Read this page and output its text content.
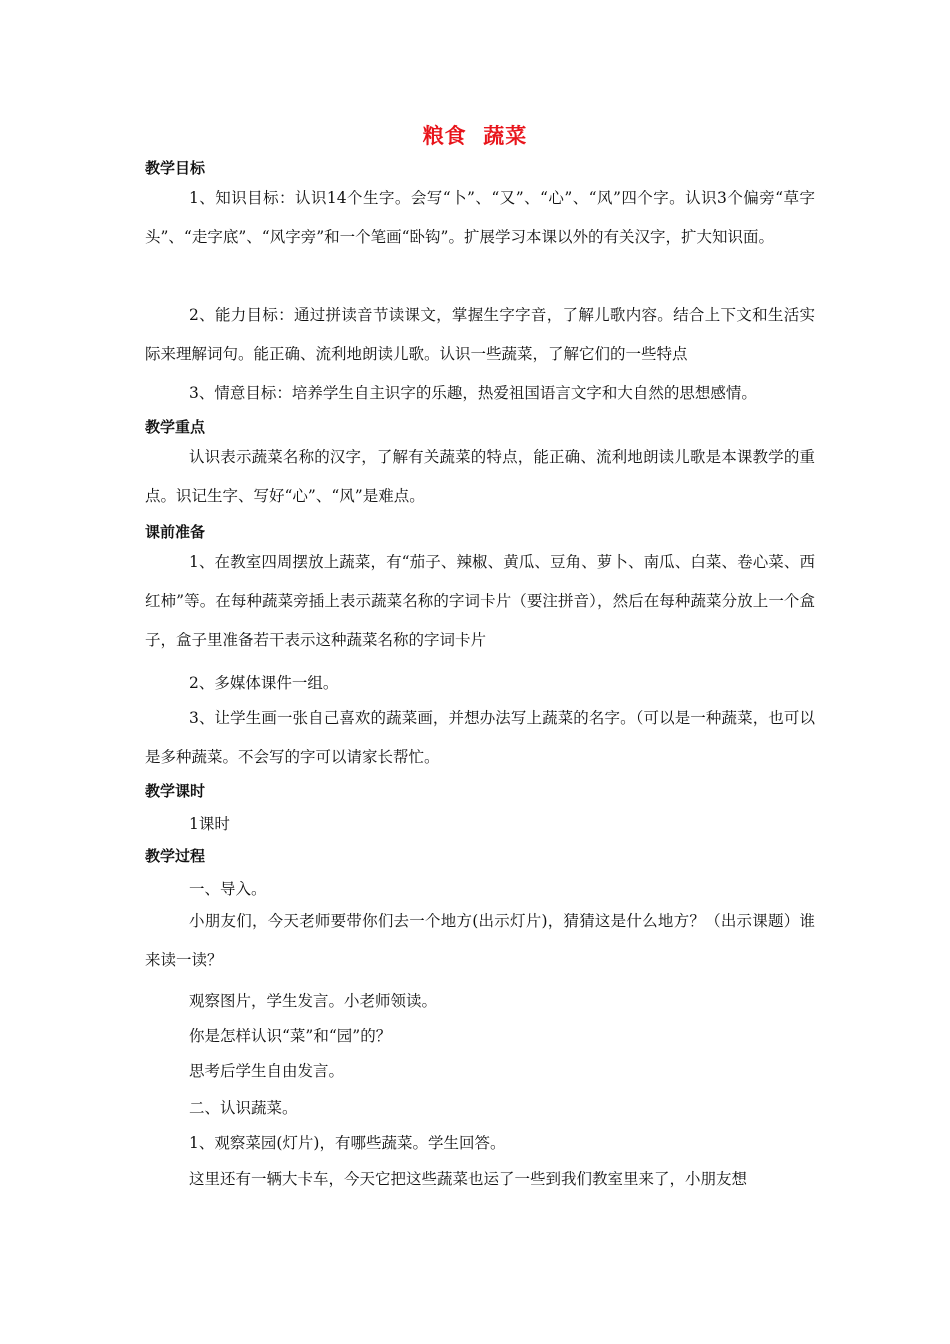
粮食  蔬菜
教学目标
1、知识目标：认识14个生字。会写“卜”、“又”、“心”、“风”四个字。认识3个偏旁“草字头”、“走字底”、“风字旁”和一个笔画“卧钩”。扩展学习本课以外的有关汉字，扩大知识面。
2、能力目标：通过拼读音节读课文，掌握生字字音，了解儿歌内容。结合上下文和生活实际来理解词句。能正确、流利地朗读儿歌。认识一些蔬菜，了解它们的一些特点
3、情意目标：培养学生自主识字的乐趣，热爱祖国语言文字和大自然的思想感情。
教学重点
认识表示蔬菜名称的汉字，了解有关蔬菜的特点，能正确、流利地朗读儿歌是本课教学的重点。识记生字、写好“心”、“风”是难点。
课前准备
1、在教室四周摆放上蔬菜，有“茄子、辣椒、黄瓜、豆角、萝卜、南瓜、白菜、卷心菜、西红柿”等。在每种蔬菜旁插上表示蔬菜名称的字词卡片（要注拼音），然后在每种蔬菜分放上一个盒子，盒子里准备若干表示这种蔬菜名称的字词卡片
2、多媒体课件一组。
3、让学生画一张自己喜欢的蔬菜画，并想办法写上蔬菜的名字。（可以是一种蔬菜，也可以是多种蔬菜。不会写的字可以请家长帮忙。
教学课时
1课时
教学过程
一、导入。
小朋友们，今天老师要带你们去一个地方(出示灯片)，猜猜这是什么地方？（出示课题）谁来读一读？
观察图片，学生发言。小老师领读。
你是怎样认识“菜”和“园”的？
思考后学生自由发言。
二、认识蔬菜。
1、观察菜园(灯片)，有哪些蔬菜。学生回答。
这里还有一辆大卡车，今天它把这些蔬菜也运了一些到我们教室里来了，小朋友想
